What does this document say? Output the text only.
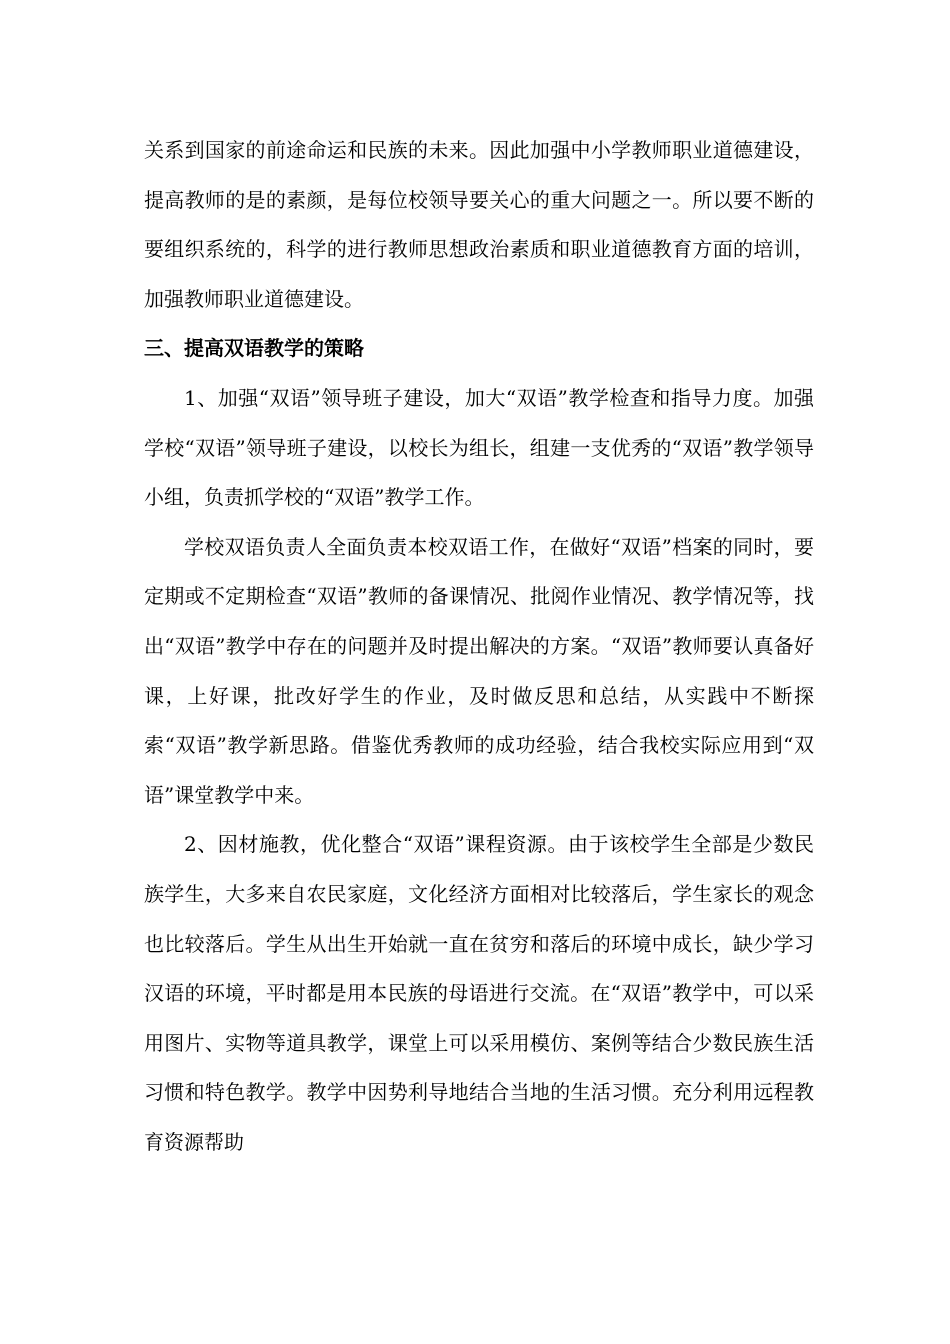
关系到国家的前途命运和民族的未来。因此加强中小学教师职业道德建设，提高教师的是的素颜，是每位校领导要关心的重大问题之一。所以要不断的要组织系统的，科学的进行教师思想政治素质和职业道德教育方面的培训，加强教师职业道德建设。

三、提高双语教学的策略

1、加强“双语”领导班子建设，加大“双语”教学检查和指导力度。加强学校“双语”领导班子建设，以校长为组长，组建一支优秀的“双语”教学领导小组，负责抓学校的“双语”教学工作。

学校双语负责人全面负责本校双语工作，在做好“双语”档案的同时，要定期或不定期检查“双语”教师的备课情况、批阅作业情况、教学情况等，找出“双语”教学中存在的问题并及时提出解决的方案。“双语”教师要认真备好课，上好课，批改好学生的作业，及时做反思和总结，从实践中不断探索“双语”教学新思路。借鉴优秀教师的成功经验，结合我校实际应用到“双语”课堂教学中来。

2、因材施教，优化整合“双语”课程资源。由于该校学生全部是少数民族学生，大多来自农民家庭，文化经济方面相对比较落后，学生家长的观念也比较落后。学生从出生开始就一直在贫穷和落后的环境中成长，缺少学习汉语的环境，平时都是用本民族的母语进行交流。在“双语”教学中，可以采用图片、实物等道具教学，课堂上可以采用模仿、案例等结合少数民族生活习惯和特色教学。教学中因势利导地结合当地的生活习惯。充分利用远程教育资源帮助
